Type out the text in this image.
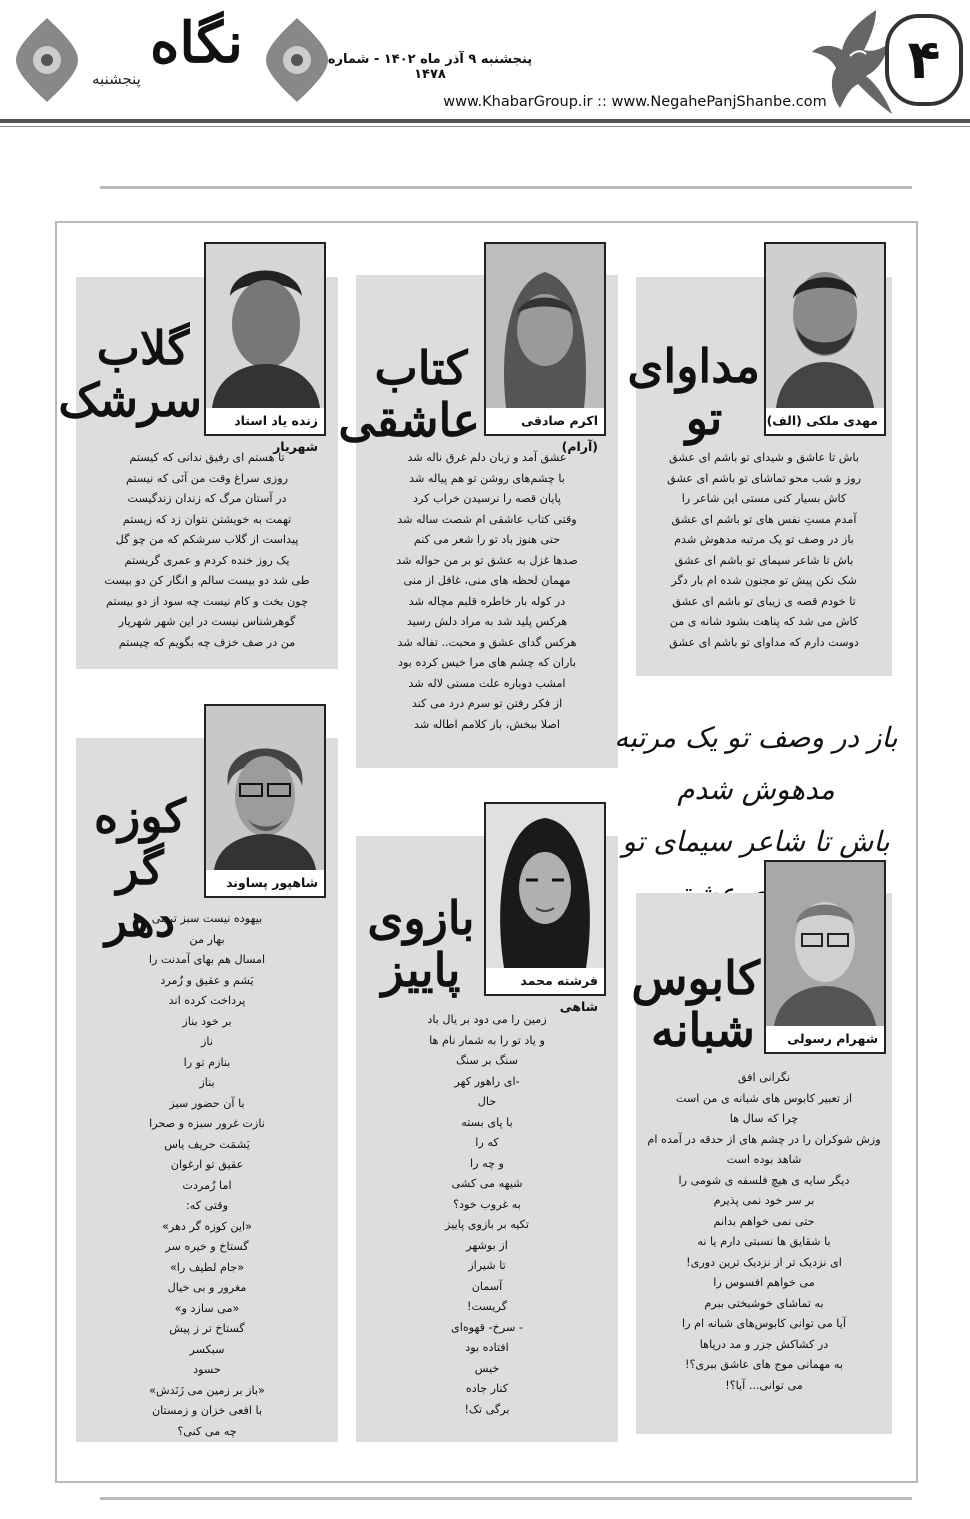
۴
نگاه
پنجشنبه
پنجشنبه ۹ آذر ماه ۱۴۰۲ - شماره ۱۴۷۸
www.KhabarGroup.ir :: www.NegahePanjShanbe.com
مهدی ملکی (الف)
مداوای
تو
باش تا عاشق و شیدای تو باشم ای عشق
روز و شب محو تماشای تو باشم ای عشق
کاش بسیار کنی مستی این شاعر را
آمدم مستِ نفس های تو باشم ای عشق
باز در وصف تو یک مرتبه مدهوش شدم
باش تا شاعر سیمای تو باشم ای عشق
شک نکن پیش تو مجنون شده ام بار دگر
تا خودم قصه ی زیبای تو باشم ای عشق
کاش می شد که پناهت بشود شانه ی من
دوست دارم که مداوای تو باشم ای عشق
اکرم صادقی (آرام)
کتاب
عاشقی
عشق آمد و زبان دلم غرق ناله شد
با چشم‌های روشن تو هم پیاله شد
پایان قصه را نرسیدن خراب کرد
وقتی کتاب عاشقی ام شصت ساله شد
حتی هنوز باد تو را شعر می کنم
صدها غزل به عشق تو بر من حواله شد
مهمان لحظه های منی، غافل از منی
در کوله بار خاطره قلبم مچاله شد
هرکس پلید شد به مراد دلش رسید
هرکس گدای عشق و محبت.. تفاله شد
باران که چشم های مرا خیس کرده بود
امشب دوباره علت مستی لاله شد
از فکر رفتن تو سرم درد می کند
اصلا ببخش، باز کلامم اطاله شد
زنده یاد استاد شهریار
گلاب
سرشک
تا هستم ای رفیق ندانی که کیستم
روزی سراغ وقت من آئی که نیستم
در آستان مرگ که زندان زندگیست
تهمت به خویشتن نتوان زد که زیستم
پیداست از گلاب سرشکم که من چو گل
یک روز خنده کردم و عمری گریستم
طی شد دو بیست سالم و انگار کن دو بیست
چون بخت و کام نیست چه سود از دو بیستم
گوهرشناس نیست در این شهر شهریار
من در صف خزف چه بگویم که چیستم
باز در وصف تو یک مرتبه مدهوش شدم
باش تا شاعر سیمای تو
شاهپور پساوند
کوزه گر
دهر
بیهوده نیست سبز ترینی
بهار من
امسال هم بهای آمدنت را
یَشم و عقیق و زُمرد
پرداخت کرده اند
بر خود بناز
ناز
بنازم تو را
بناز
با آن حضور سبز
نازت غرور سبزه و صحرا
یَشمَت حریف یاس
عقیق تو ارغوان
اما زُمردت
وقتی که:
«این کوزه گر دهر»
گستاخ و خیره سر
«جام لطیف را»
مغرور و بی خیال
«می سازد و»
گستاخ تر ز پیش
سبکسر
حسود
«باز بر زمین می زَنَدش»
با افعی خزان و زمستان
چه می کنی؟
فرشته محمد شاهی
بازوی
پاییز
زمین را می دود بر یال باد
و یاد تو را به شمار نام ها
سنگ بر سنگ
-ای راهور کهر
حال
با پای بسته
که را
و چه را
شیهه می کشی
به غروب خود؟
تکیه بر بازوی پاییز
از بوشهر
تا شیراز
آسمان
گریست!
- سرخ- قهوه‌ای
افتاده بود
خیس
کنار جاده
برگی تک!
شهرام رسولی
کابوس
شبانه
نگرانی افق
از تعبیر کابوس های شبانه ی من است
چرا که سال ها
وزش شوکران را در چشم های از حدقه در آمده ام
شاهد بوده است
دیگر سایه ی هیچ فلسفه ی شومی را
بر سر خود نمی پذیرم
حتی نمی خواهم بدانم
با شقایق ها نسبتی دارم یا نه
ای نزدیک تر از نزدیک ترین دوری!
می خواهم افسوس را
به تماشای خوشبختی ببرم
آیا می توانی کابوس‌های شبانه ام را
در کشاکش جزر و مد دریاها
به مهمانی موج های عاشق ببری؟!
می توانی... آیا؟!
